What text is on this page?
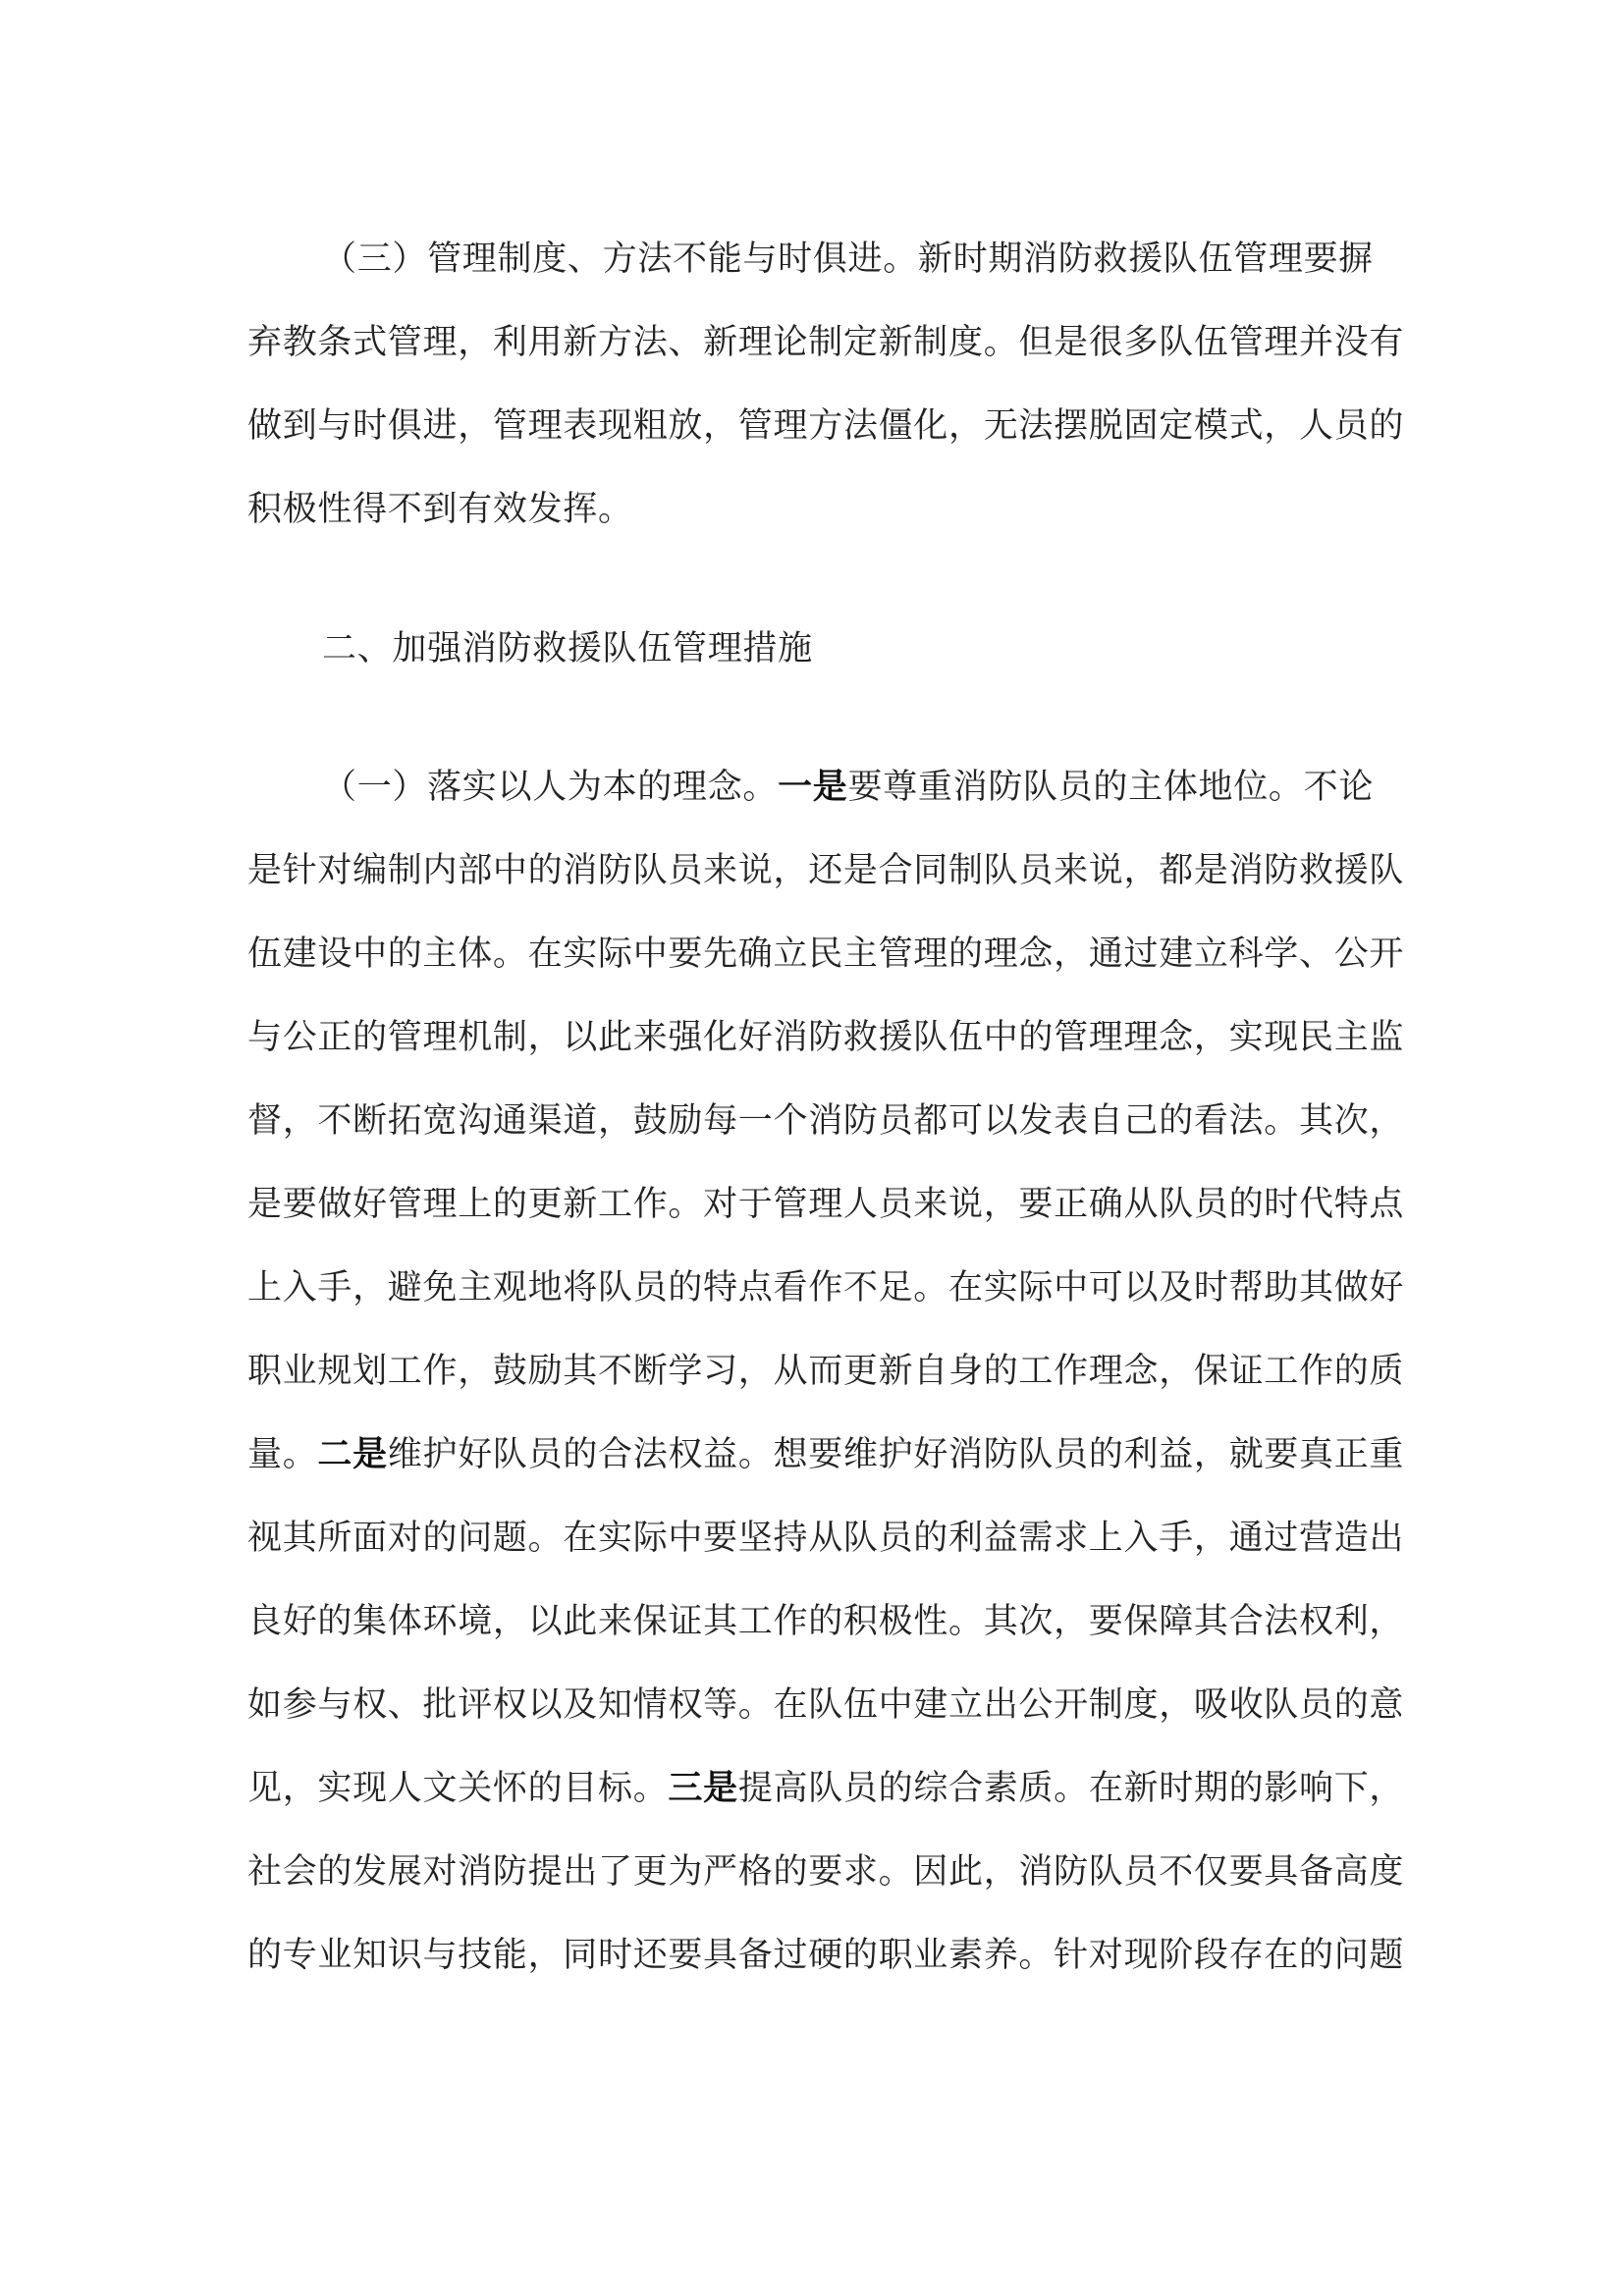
（三）管理制度、方法不能与时俱进。新时期消防救援队伍管理要摒
弃教条式管理，利用新方法、新理论制定新制度。但是很多队伍管理并没有
做到与时俱进，管理表现粗放，管理方法僵化，无法摆脱固定模式，人员的
积极性得不到有效发挥。
二、加强消防救援队伍管理措施
（一）落实以人为本的理念。一是要尊重消防队员的主体地位。不论
是针对编制内部中的消防队员来说，还是合同制队员来说，都是消防救援队
伍建设中的主体。在实际中要先确立民主管理的理念，通过建立科学、公开
与公正的管理机制，以此来强化好消防救援队伍中的管理理念，实现民主监
督，不断拓宽沟通渠道，鼓励每一个消防员都可以发表自己的看法。其次，
是要做好管理上的更新工作。对于管理人员来说，要正确从队员的时代特点
上入手，避免主观地将队员的特点看作不足。在实际中可以及时帮助其做好
职业规划工作，鼓励其不断学习，从而更新自身的工作理念，保证工作的质
量。二是维护好队员的合法权益。想要维护好消防队员的利益，就要真正重
视其所面对的问题。在实际中要坚持从队员的利益需求上入手，通过营造出
良好的集体环境，以此来保证其工作的积极性。其次，要保障其合法权利，
如参与权、批评权以及知情权等。在队伍中建立出公开制度，吸收队员的意
见，实现人文关怀的目标。三是提高队员的综合素质。在新时期的影响下，
社会的发展对消防提出了更为严格的要求。因此，消防队员不仅要具备高度
的专业知识与技能，同时还要具备过硬的职业素养。针对现阶段存在的问题
